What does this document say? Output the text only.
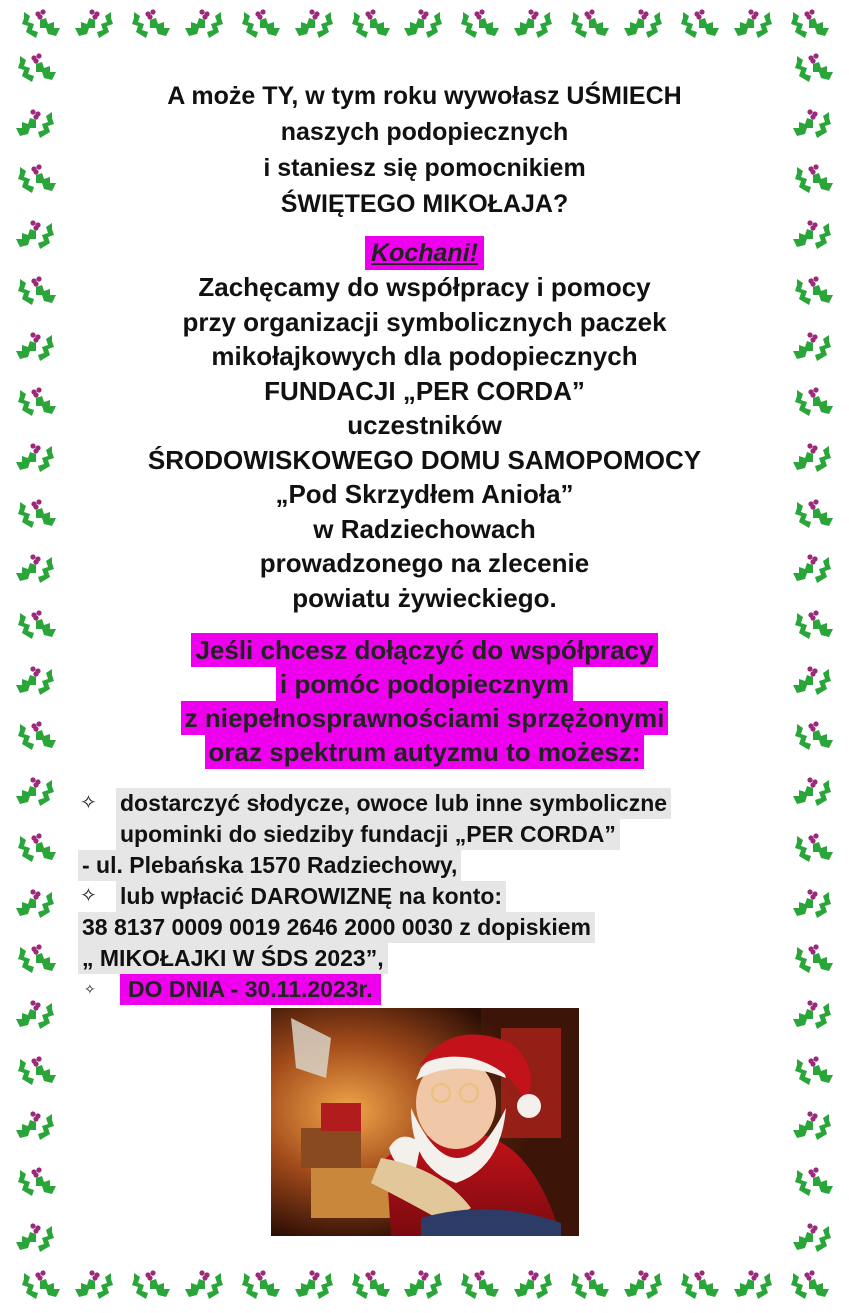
A może TY, w tym roku wywołasz UŚMIECH
naszych podopiecznych
i staniesz się pomocnikiem
ŚWIĘTEGO MIKOŁAJA?
Kochani!

Zachęcamy do współpracy i pomocy
przy organizacji symbolicznych paczek
mikołajkowych dla podopiecznych
FUNDACJI „PER CORDA”
uczestników
ŚRODOWISKOWEGO DOMU SAMOPOMOCY
„Pod Skrzydłem Anioła”
w Radziechowach
prowadzonego na zlecenie
powiatu żywieckiego.

Jeśli chcesz dołączyć do współpracy
i pomóc podopiecznym
z niepełnosprawnościami sprzężonymi
oraz spektrum autyzmu to możesz:
✧	dostarczyć słodycze, owoce lub inne symboliczne
upominki do siedziby fundacji „PER CORDA”
- ul. Plebańska 1570 Radziechowy,
✧	lub wpłacić DAROWIZNĘ na konto:
38 8137 0009 0019 2646 2000 0030 z dopiskiem
„ MIKOŁAJKI W ŚDS 2023”,
✧	DO DNIA - 30.11.2023r.
